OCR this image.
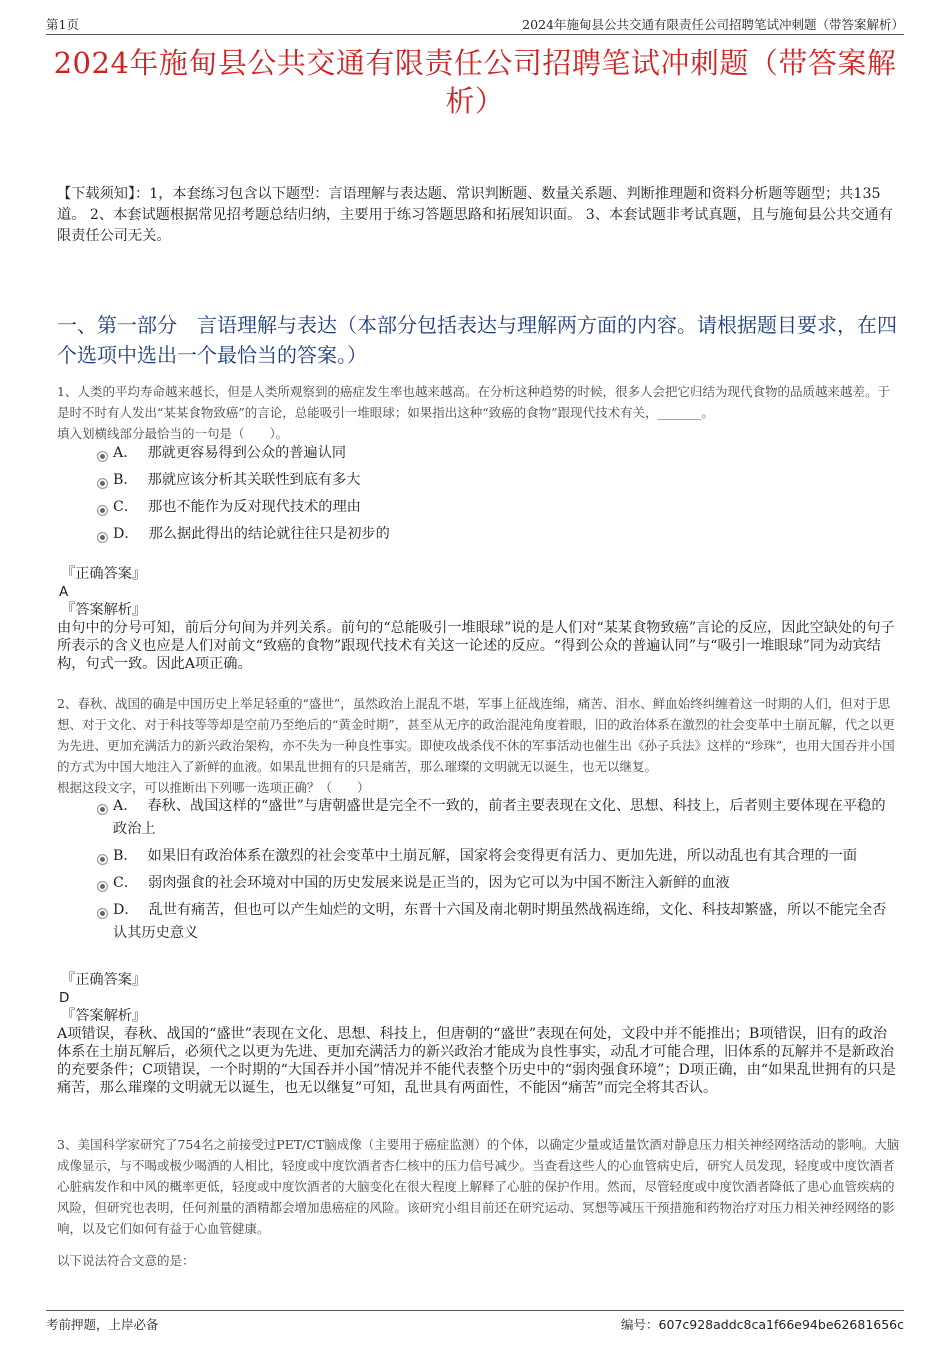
第1页	2024年施甸县公共交通有限责任公司招聘笔试冲刺题（带答案解析）
2024年施甸县公共交通有限责任公司招聘笔试冲刺题（带答案解析）
【下载须知】：1，本套练习包含以下题型：言语理解与表达题、常识判断题、数量关系题、判断推理题和资料分析题等题型；共135道。 2、本套试题根据常见招考题总结归纳，主要用于练习答题思路和拓展知识面。 3、本套试题非考试真题，且与施甸县公共交通有限责任公司无关。
一、第一部分　言语理解与表达（本部分包括表达与理解两方面的内容。请根据题目要求，在四个选项中选出一个最恰当的答案。）
1、人类的平均寿命越来越长，但是人类所观察到的癌症发生率也越来越高。在分析这种趋势的时候，很多人会把它归结为现代食物的品质越来越差。于是时不时有人发出“某某食物致癌”的言论，总能吸引一堆眼球；如果指出这种“致癌的食物”跟现代技术有关，_______。
填入划横线部分最恰当的一句是（　　）。
A． 那就更容易得到公众的普遍认同
B． 那就应该分析其关联性到底有多大
C． 那也不能作为反对现代技术的理由
D． 那么据此得出的结论就往往只是初步的
『正确答案』
A
『答案解析』
由句中的分号可知，前后分句间为并列关系。前句的“总能吸引一堆眼球”说的是人们对“某某食物致癌”言论的反应，因此空缺处的句子所表示的含义也应是人们对前文“致癌的食物”跟现代技术有关这一论述的反应。“得到公众的普遍认同”与“吸引一堆眼球”同为动宾结构，句式一致。因此A项正确。
2、春秋、战国的确是中国历史上举足轻重的“盛世”，虽然政治上混乱不堪，军事上征战连绵，痛苦、泪水、鲜血始终纠缠着这一时期的人们，但对于思想、对于文化、对于科技等等却是空前乃至绝后的“黄金时期”，甚至从无序的政治混沌角度着眼，旧的政治体系在激烈的社会变革中土崩瓦解，代之以更为先进、更加充满活力的新兴政治架构，亦不失为一种良性事实。即使攻战杀伐不休的军事活动也催生出《孙子兵法》这样的“珍珠”，也用大国吞并小国的方式为中国大地注入了新鲜的血液。如果乱世拥有的只是痛苦，那么璀璨的文明就无以诞生，也无以继复。
根据这段文字，可以推断出下列哪一选项正确？（　　）
A． 春秋、战国这样的“盛世”与唐朝盛世是完全不一致的，前者主要表现在文化、思想、科技上，后者则主要体现在平稳的政治上
B． 如果旧有政治体系在激烈的社会变革中土崩瓦解，国家将会变得更有活力、更加先进，所以动乱也有其合理的一面
C． 弱肉强食的社会环境对中国的历史发展来说是正当的，因为它可以为中国不断注入新鲜的血液
D． 乱世有痛苦，但也可以产生灿烂的文明，东晋十六国及南北朝时期虽然战祸连绵，文化、科技却繁盛，所以不能完全否认其历史意义
『正确答案』
D
『答案解析』
A项错误，春秋、战国的“盛世”表现在文化、思想、科技上，但唐朝的“盛世”表现在何处，文段中并不能推出；B项错误，旧有的政治体系在土崩瓦解后，必须代之以更为先进、更加充满活力的新兴政治才能成为良性事实，动乱才可能合理，旧体系的瓦解并不是新政治的充要条件；C项错误，一个时期的“大国吞并小国”情况并不能代表整个历史中的“弱肉强食环境”；D项正确，由“如果乱世拥有的只是痛苦，那么璀璨的文明就无以诞生，也无以继复”可知，乱世具有两面性，不能因“痛苦”而完全将其否认。
3、美国科学家研究了754名之前接受过PET/CT脑成像（主要用于癌症监测）的个体，以确定少量或适量饮酒对静息压力相关神经网络活动的影响。大脑成像显示，与不喝或极少喝酒的人相比，轻度或中度饮酒者杏仁核中的压力信号减少。当查看这些人的心血管病史后，研究人员发现，轻度或中度饮酒者心脏病发作和中风的概率更低，轻度或中度饮酒者的大脑变化在很大程度上解释了心脏的保护作用。然而，尽管轻度或中度饮酒者降低了患心血管疾病的风险，但研究也表明，任何剂量的酒精都会增加患癌症的风险。该研究小组目前还在研究运动、冥想等减压干预措施和药物治疗对压力相关神经网络的影响，以及它们如何有益于心血管健康。
以下说法符合文意的是：
考前押题，上岸必备	编号：607c928addc8ca1f66e94be62681656c
